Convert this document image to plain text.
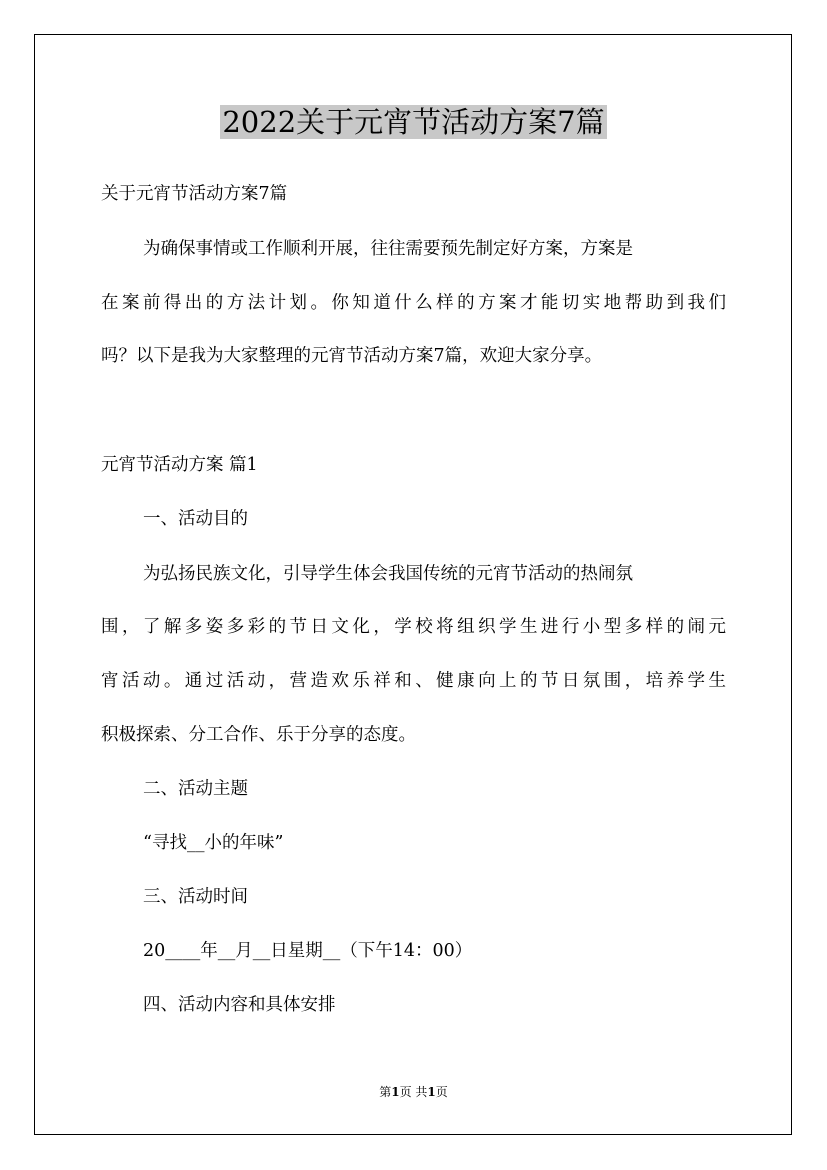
2022关于元宵节活动方案7篇
关于元宵节活动方案7篇
为确保事情或工作顺利开展，往往需要预先制定好方案，方案是
在案前得出的方法计划。你知道什么样的方案才能切实地帮助到我们
吗？以下是我为大家整理的元宵节活动方案7篇，欢迎大家分享。
元宵节活动方案 篇1
一、活动目的
为弘扬民族文化，引导学生体会我国传统的元宵节活动的热闹氛
围，了解多姿多彩的节日文化，学校将组织学生进行小型多样的闹元
宵活动。通过活动，营造欢乐祥和、健康向上的节日氛围，培养学生
积极探索、分工合作、乐于分享的态度。
二、活动主题
“寻找__小的年味”
三、活动时间
20____年__月__日星期__（下午14：00）
四、活动内容和具体安排
第1页 共1页
